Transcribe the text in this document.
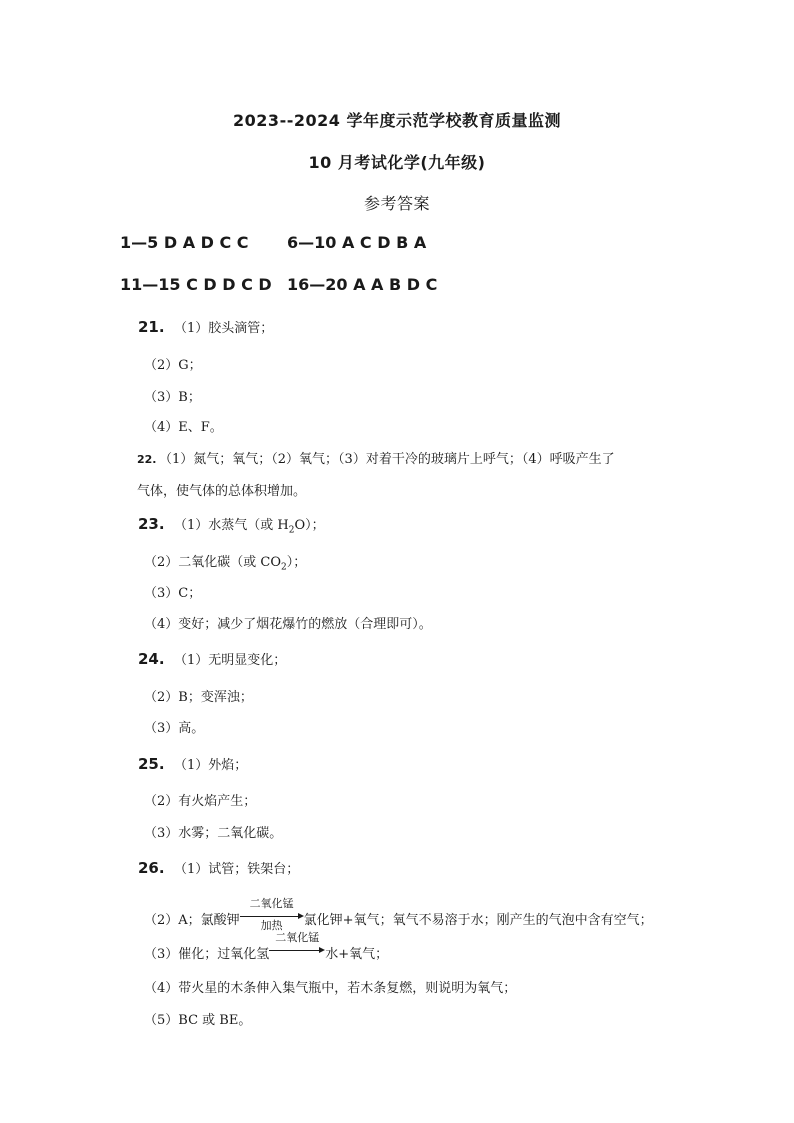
2023--2024 学年度示范学校教育质量监测
10 月考试化学(九年级)
参考答案
1—5 D A D C C 6—10 A C D B A
11—15 C D D C D 16—20 A A B D C
21. （1）胶头滴管；
（2）G；
（3）B；
（4）E、F。
22. （1）氮气；氧气；（2）氧气；（3）对着干冷的玻璃片上呼气；（4）呼吸产生了
气体，使气体的总体积增加。
23. （1）水蒸气（或 $H_2O$）；
（2）二氧化碳（或 $CO_2$）；
（3）C；
（4）变好；减少了烟花爆竹的燃放（合理即可）。
24. （1）无明显变化；
（2）B；变浑浊；
（3）高。
25. （1）外焰；
（2）有火焰产生；
（3）水雾；二氧化碳。
26. （1）试管；铁架台；
（2）A；氯酸钾
二氧化锰
加热	氯化钾+氧气；氧气不易溶于水；刚产生的气泡中含有空气；
（3）催化；过氧化氢
二氧化锰
水+氧气；
（4）带火星的木条伸入集气瓶中，若木条复燃，则说明为氧气；
（5）BC 或 BE。
